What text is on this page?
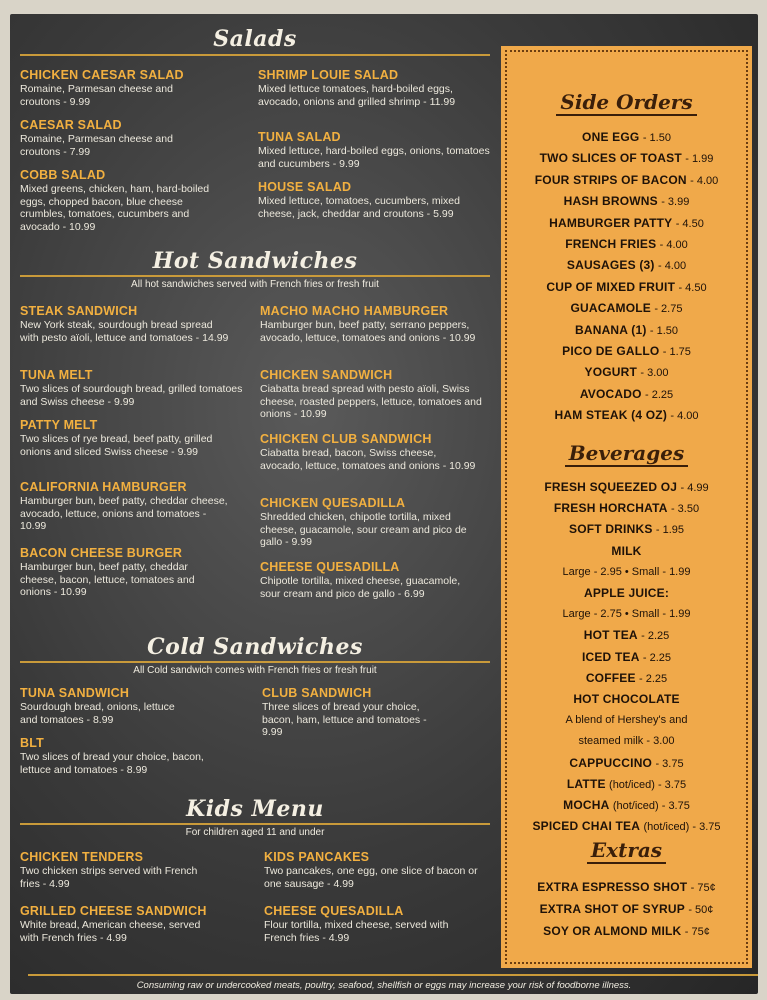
Salads
CHICKEN CAESAR SALAD
Romaine, Parmesan cheese and croutons - 9.99
CAESAR SALAD
Romaine, Parmesan cheese and croutons - 7.99
COBB SALAD
Mixed greens, chicken, ham, hard-boiled eggs, chopped bacon, blue cheese crumbles, tomatoes, cucumbers and avocado - 10.99
SHRIMP LOUIE SALAD
Mixed lettuce tomatoes, hard-boiled eggs, avocado, onions and grilled shrimp - 11.99
TUNA SALAD
Mixed lettuce, hard-boiled eggs, onions, tomatoes and cucumbers - 9.99
HOUSE SALAD
Mixed lettuce, tomatoes, cucumbers, mixed cheese, jack, cheddar and croutons - 5.99
Hot Sandwiches
All hot sandwiches served with French fries or fresh fruit
STEAK SANDWICH
New York steak, sourdough bread spread with pesto aïoli, lettuce and tomatoes - 14.99
TUNA MELT
Two slices of sourdough bread, grilled tomatoes and Swiss cheese - 9.99
PATTY MELT
Two slices of rye bread, beef patty, grilled onions and sliced Swiss cheese - 9.99
CALIFORNIA HAMBURGER
Hamburger bun, beef patty, cheddar cheese, avocado, lettuce, onions and tomatoes - 10.99
BACON CHEESE BURGER
Hamburger bun, beef patty, cheddar cheese, bacon, lettuce, tomatoes and onions - 10.99
MACHO MACHO HAMBURGER
Hamburger bun, beef patty, serrano peppers, avocado, lettuce, tomatoes and onions - 10.99
CHICKEN SANDWICH
Ciabatta bread spread with pesto aïoli, Swiss cheese, roasted peppers, lettuce, tomatoes and onions - 10.99
CHICKEN CLUB SANDWICH
Ciabatta bread, bacon, Swiss cheese, avocado, lettuce, tomatoes and onions - 10.99
CHICKEN QUESADILLA
Shredded chicken, chipotle tortilla, mixed cheese, guacamole, sour cream and pico de gallo - 9.99
CHEESE QUESADILLA
Chipotle tortilla, mixed cheese, guacamole, sour cream and pico de gallo - 6.99
Cold Sandwiches
All Cold sandwich comes with French fries or fresh fruit
TUNA SANDWICH
Sourdough bread, onions, lettuce and tomatoes - 8.99
BLT
Two slices of bread your choice, bacon, lettuce and tomatoes - 8.99
CLUB SANDWICH
Three slices of bread your choice, bacon, ham, lettuce and tomatoes - 9.99
Kids Menu
For children aged 11 and under
CHICKEN TENDERS
Two chicken strips served with French fries - 4.99
GRILLED CHEESE SANDWICH
White bread, American cheese, served with French fries - 4.99
KIDS PANCAKES
Two pancakes, one egg, one slice of bacon or one sausage - 4.99
CHEESE QUESADILLA
Flour tortilla, mixed cheese, served with French fries - 4.99
Side Orders
ONE EGG - 1.50
TWO SLICES OF TOAST - 1.99
FOUR STRIPS OF BACON - 4.00
HASH BROWNS - 3.99
HAMBURGER PATTY - 4.50
FRENCH FRIES - 4.00
SAUSAGES (3) - 4.00
CUP OF MIXED FRUIT - 4.50
GUACAMOLE - 2.75
BANANA (1) - 1.50
PICO DE GALLO - 1.75
YOGURT - 3.00
AVOCADO - 2.25
HAM STEAK (4 OZ) - 4.00
Beverages
FRESH SQUEEZED OJ - 4.99
FRESH HORCHATA - 3.50
SOFT DRINKS - 1.95
MILK
Large - 2.95 • Small - 1.99
APPLE JUICE:
Large - 2.75 • Small - 1.99
HOT TEA - 2.25
ICED TEA - 2.25
COFFEE - 2.25
HOT CHOCOLATE
A blend of Hershey's and
steamed milk - 3.00
CAPPUCCINO - 3.75
LATTE (hot/iced) - 3.75
MOCHA (hot/iced) - 3.75
SPICED CHAI TEA (hot/iced) - 3.75
Extras
EXTRA ESPRESSO SHOT - 75¢
EXTRA SHOT OF SYRUP - 50¢
SOY OR ALMOND MILK - 75¢
Consuming raw or undercooked meats, poultry, seafood, shellfish or eggs may increase your risk of foodborne illness.
